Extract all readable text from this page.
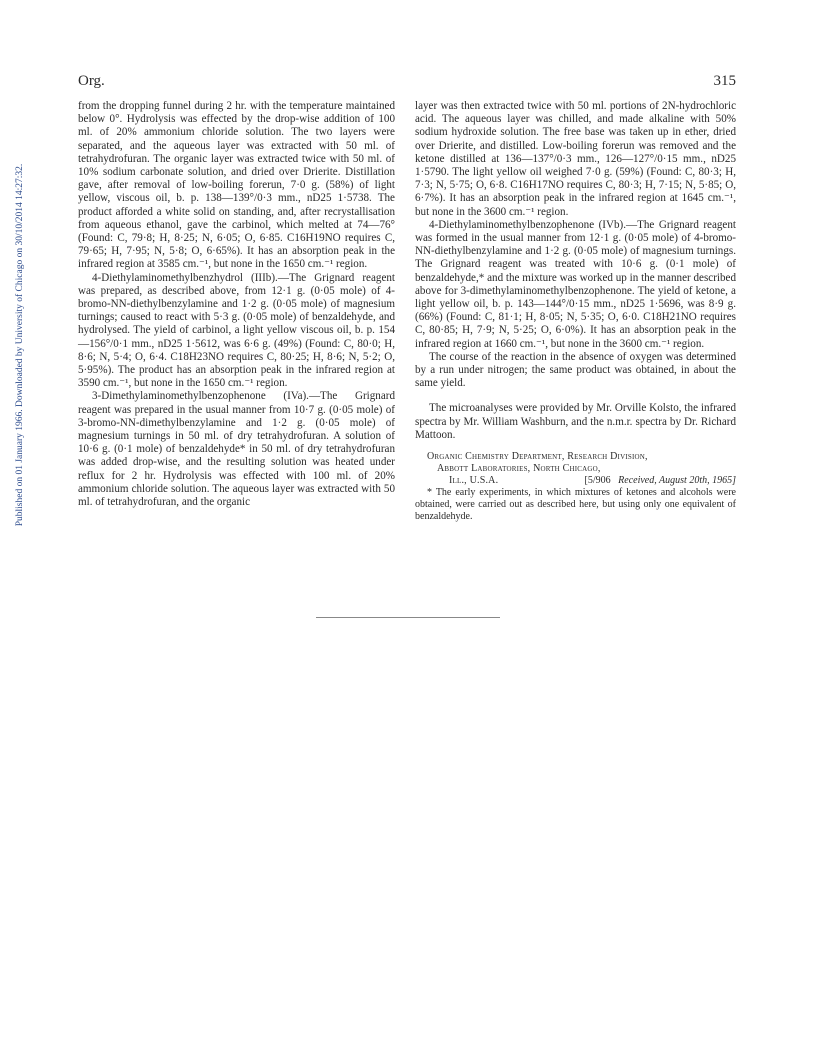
Published on 01 January 1966. Downloaded by University of Chicago on 30/10/2014 14:27:32.
Org.	315

from the dropping funnel during 2 hr. with the temperature maintained below 0°. Hydrolysis was effected by the drop-wise addition of 100 ml. of 20% ammonium chloride solution. The two layers were separated, and the aqueous layer was extracted with 50 ml. of tetrahydrofuran. The organic layer was extracted twice with 50 ml. of 10% sodium carbonate solution, and dried over Drierite. Distillation gave, after removal of low-boiling forerun, 7·0 g. (58%) of light yellow, viscous oil, b. p. 138—139°/0·3 mm., nD25 1·5738. The product afforded a white solid on standing, and, after recrystallisation from aqueous ethanol, gave the carbinol, which melted at 74—76° (Found: C, 79·8; H, 8·25; N, 6·05; O, 6·85. C16H19NO requires C, 79·65; H, 7·95; N, 5·8; O, 6·65%). It has an absorption peak in the infrared region at 3585 cm.⁻¹, but none in the 1650 cm.⁻¹ region.

4-Diethylaminomethylbenzhydrol (IIIb).—The Grignard reagent was prepared, as described above, from 12·1 g. (0·05 mole) of 4-bromo-NN-diethylbenzylamine and 1·2 g. (0·05 mole) of magnesium turnings; caused to react with 5·3 g. (0·05 mole) of benzaldehyde, and hydrolysed. The yield of carbinol, a light yellow viscous oil, b. p. 154—156°/0·1 mm., nD25 1·5612, was 6·6 g. (49%) (Found: C, 80·0; H, 8·6; N, 5·4; O, 6·4. C18H23NO requires C, 80·25; H, 8·6; N, 5·2; O, 5·95%). The product has an absorption peak in the infrared region at 3590 cm.⁻¹, but none in the 1650 cm.⁻¹ region.

3-Dimethylaminomethylbenzophenone (IVa).—The Grignard reagent was prepared in the usual manner from 10·7 g. (0·05 mole) of 3-bromo-NN-dimethylbenzylamine and 1·2 g. (0·05 mole) of magnesium turnings in 50 ml. of dry tetrahydrofuran. A solution of 10·6 g. (0·1 mole) of benzaldehyde* in 50 ml. of dry tetrahydrofuran was added drop-wise, and the resulting solution was heated under reflux for 2 hr. Hydrolysis was effected with 100 ml. of 20% ammonium chloride solution. The aqueous layer was extracted with 50 ml. of tetrahydrofuran, and the organic

layer was then extracted twice with 50 ml. portions of 2N-hydrochloric acid. The aqueous layer was chilled, and made alkaline with 50% sodium hydroxide solution. The free base was taken up in ether, dried over Drierite, and distilled. Low-boiling forerun was removed and the ketone distilled at 136—137°/0·3 mm., 126—127°/0·15 mm., nD25 1·5790. The light yellow oil weighed 7·0 g. (59%) (Found: C, 80·3; H, 7·3; N, 5·75; O, 6·8. C16H17NO requires C, 80·3; H, 7·15; N, 5·85; O, 6·7%). It has an absorption peak in the infrared region at 1645 cm.⁻¹, but none in the 3600 cm.⁻¹ region.

4-Diethylaminomethylbenzophenone (IVb).—The Grignard reagent was formed in the usual manner from 12·1 g. (0·05 mole) of 4-bromo-NN-diethylbenzylamine and 1·2 g. (0·05 mole) of magnesium turnings. The Grignard reagent was treated with 10·6 g. (0·1 mole) of benzaldehyde,* and the mixture was worked up in the manner described above for 3-dimethylaminomethylbenzophenone. The yield of ketone, a light yellow oil, b. p. 143—144°/0·15 mm., nD25 1·5696, was 8·9 g. (66%) (Found: C, 81·1; H, 8·05; N, 5·35; O, 6·0. C18H21NO requires C, 80·85; H, 7·9; N, 5·25; O, 6·0%). It has an absorption peak in the infrared region at 1660 cm.⁻¹, but none in the 3600 cm.⁻¹ region.

The course of the reaction in the absence of oxygen was determined by a run under nitrogen; the same product was obtained, in about the same yield.

The microanalyses were provided by Mr. Orville Kolsto, the infrared spectra by Mr. William Washburn, and the n.m.r. spectra by Dr. Richard Mattoon.

Organic Chemistry Department, Research Division,
Abbott Laboratories, North Chicago,
Ill., U.S.A.	[5/906 Received, August 20th, 1965]

* The early experiments, in which mixtures of ketones and alcohols were obtained, were carried out as described here, but using only one equivalent of benzaldehyde.
